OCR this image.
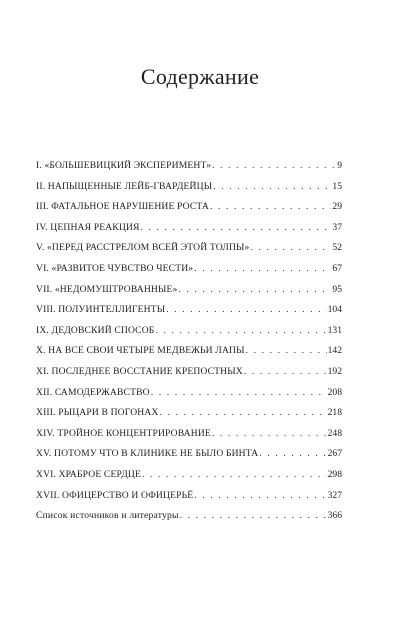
Содержание
I. «БОЛЬШЕВИЦКИЙ ЭКСПЕРИМЕНТ» . . .	9
II. НАПЫЩЕННЫЕ ЛЕЙБ-ГВАРДЕЙЦЫ . . .	15
III. ФАТАЛЬНОЕ НАРУШЕНИЕ РОСТА . . .	29
IV. ЦЕПНАЯ РЕАКЦИЯ . . .	37
V. «ПЕРЕД РАССТРЕЛОМ ВСЕЙ ЭТОЙ ТОЛПЫ» . . .	52
VI. «РАЗВИТОЕ ЧУВСТВО ЧЕСТИ» . . .	67
VII. «НЕДОМУШТРОВАННЫЕ» . . .	95
VIII. ПОЛУИНТЕЛЛИГЕНТЫ . . .	104
IX. ДЕДОВСКИЙ СПОСОБ . . .	131
X. НА ВСЕ СВОИ ЧЕТЫРЕ МЕДВЕЖЬИ ЛАПЫ . . .	142
XI. ПОСЛЕДНЕЕ ВОССТАНИЕ КРЕПОСТНЫХ . . .	192
XII. САМОДЕРЖАВСТВО . . .	208
XIII. РЫЦАРИ В ПОГОНАХ . . .	218
XIV. ТРОЙНОЕ КОНЦЕНТРИРОВАНИЕ . . .	248
XV. ПОТОМУ ЧТО В КЛИНИКЕ НЕ БЫЛО БИНТА . . .	267
XVI. ХРАБРОЕ СЕРДЦЕ . . .	298
XVII. ОФИЦЕРСТВО И ОФИЦЕРЬЁ . . .	327
Список источников и литературы . . .	366
